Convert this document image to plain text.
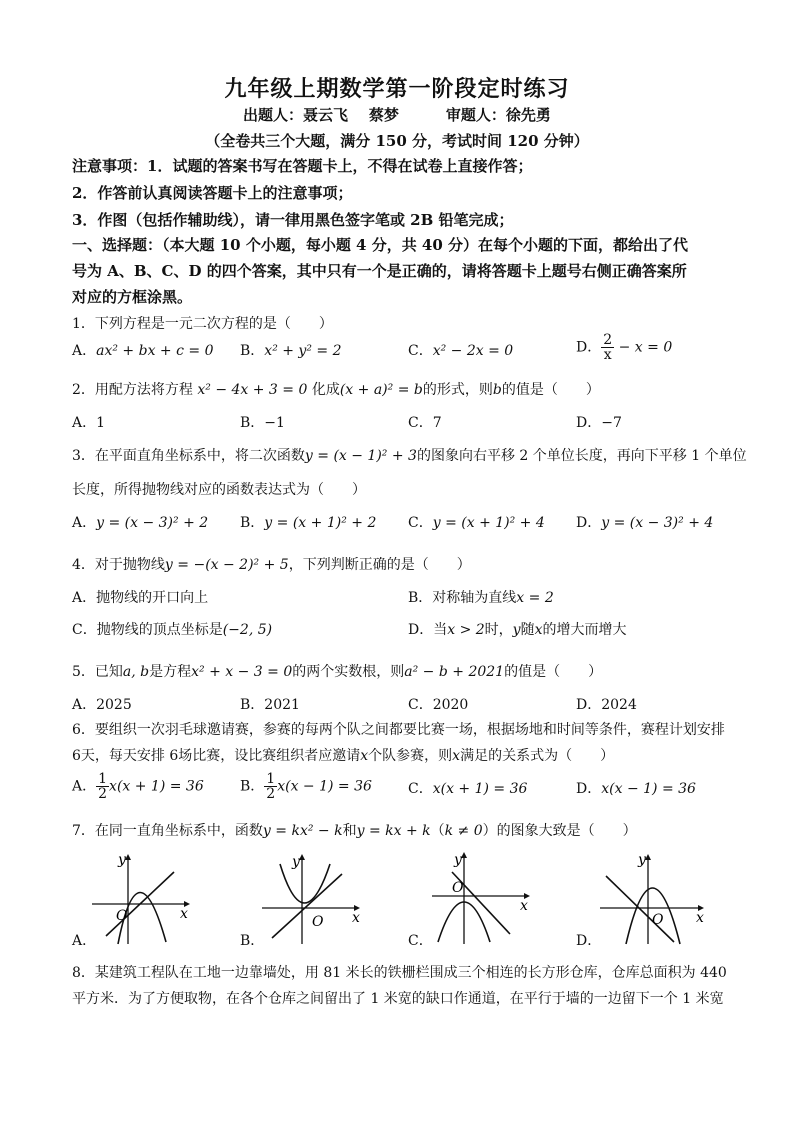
九年级上期数学第一阶段定时练习
出题人：聂云飞    蔡梦         审题人：徐先勇
（全卷共三个大题，满分 150 分，考试时间 120 分钟）
注意事项：1．试题的答案书写在答题卡上，不得在试卷上直接作答；
2．作答前认真阅读答题卡上的注意事项；
3．作图（包括作辅助线），请一律用黑色签字笔或 2B 铅笔完成；
一、选择题：（本大题 10 个小题，每小题 4 分，共 40 分）在每个小题的下面，都给出了代
号为 A、B、C、D 的四个答案，其中只有一个是正确的，请将答题卡上题号右侧正确答案所
对应的方框涂黑。
1．下列方程是一元二次方程的是（　　）
A．ax² + bx + c = 0 B．x² + y² = 2	C．x² − 2x = 0	D． $\frac{2}{x} - x = 0$
2．用配方法将方程 x² − 4x + 3 = 0 化成(x + a)² = b的形式，则b的值是（　　）
A．1	B．−1	C．7	D．−7
3．在平面直角坐标系中，将二次函数y = (x − 1)² + 3的图象向右平移 2 个单位长度，再向下平移 1 个单位
长度，所得抛物线对应的函数表达式为（　　）
A．y = (x − 3)² + 2 B．y = (x + 1)² + 2 C．y = (x + 1)² + 4 D．y = (x − 3)² + 4
4．对于抛物线y = −(x − 2)² + 5，下列判断正确的是（　　）
A．抛物线的开口向上	B．对称轴为直线x = 2
C．抛物线的顶点坐标是(−2, 5)	D．当x > 2时，y随x的增大而增大
5．已知a, b是方程x² + x − 3 = 0的两个实数根，则a² − b + 2021的值是（　　）
A．2025	B．2021	C．2020	D．2024
6．要组织一次羽毛球邀请赛，参赛的每两个队之间都要比赛一场，根据场地和时间等条件，赛程计划安排
6天，每天安排 6场比赛，设比赛组织者应邀请x个队参赛，则x满足的关系式为（　　）
A． $\frac{1}{2} x(x + 1) = 36$	B． $\frac{1}{2} x(x - 1) = 36$	C．x(x + 1) = 36	D．x(x − 1) = 36
7．在同一直角坐标系中，函数y = kx² − k和y = kx + k（k ≠ 0）的图象大致是（　　）
x
y
O
A．
x
y
O
B．
x
y
O
C．
x
y
O
D．
8．某建筑工程队在工地一边靠墙处，用 81 米长的铁栅栏围成三个相连的长方形仓库，仓库总面积为 440
平方米．为了方便取物，在各个仓库之间留出了 1 米宽的缺口作通道，在平行于墙的一边留下一个 1 米宽
